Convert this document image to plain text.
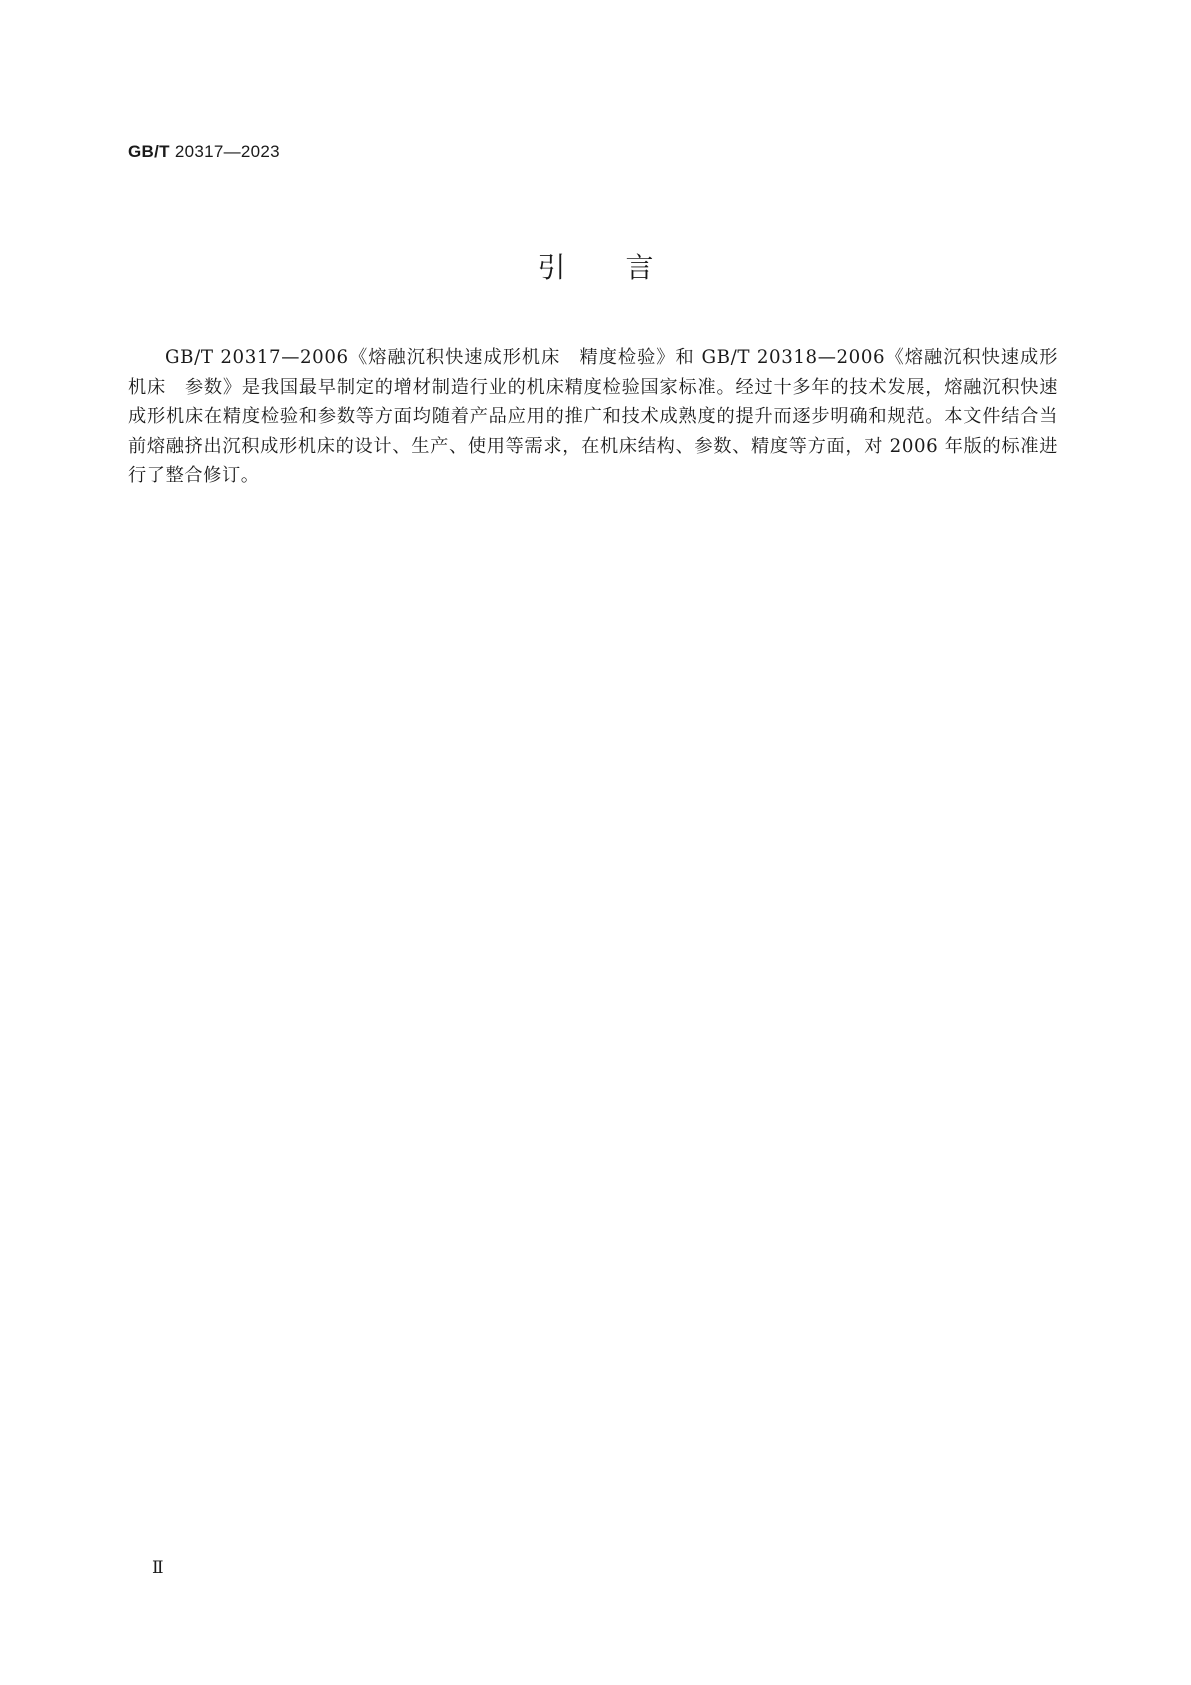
GB/T 20317—2023
引言

GB/T 20317—2006《熔融沉积快速成形机床　精度检验》和 GB/T 20318—2006《熔融沉积快速成形机床　参数》是我国最早制定的增材制造行业的机床精度检验国家标准。经过十多年的技术发展，熔融沉积快速成形机床在精度检验和参数等方面均随着产品应用的推广和技术成熟度的提升而逐步明确和规范。本文件结合当前熔融挤出沉积成形机床的设计、生产、使用等需求，在机床结构、参数、精度等方面，对 2006 年版的标准进行了整合修订。

Ⅱ
